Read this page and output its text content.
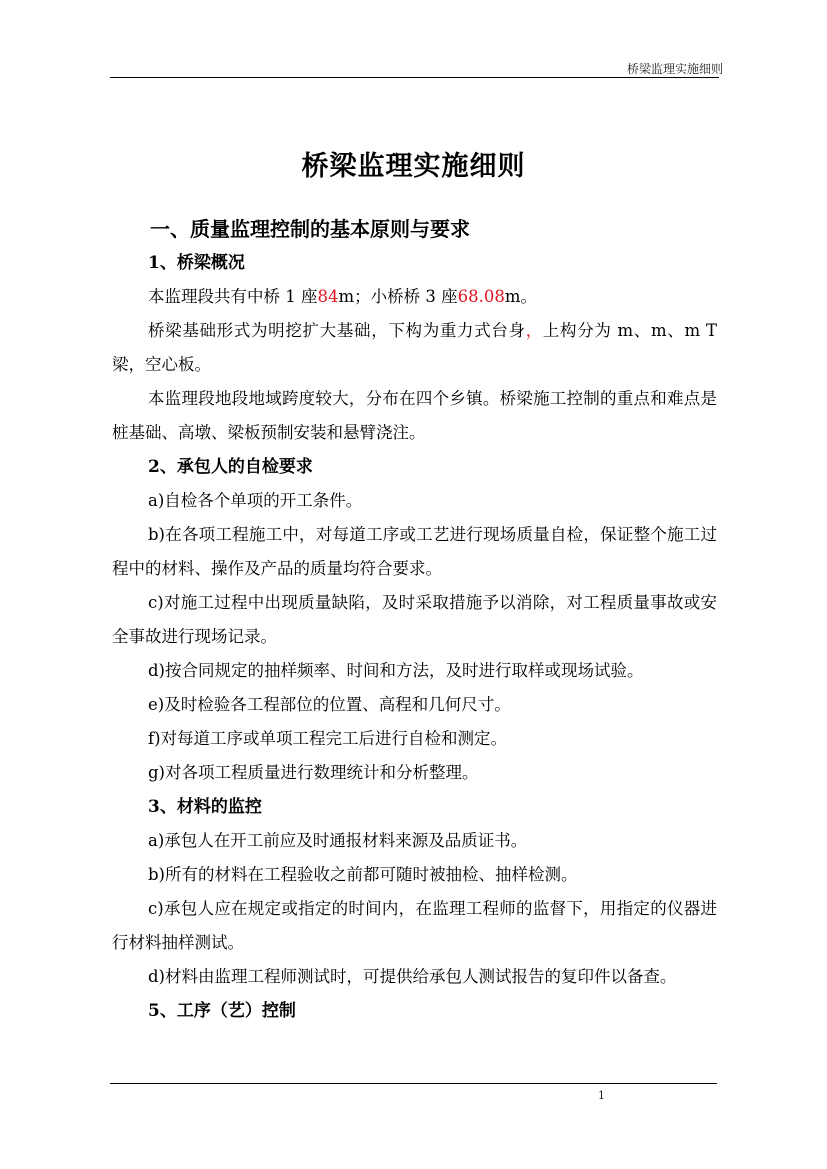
桥梁监理实施细则
桥梁监理实施细则
一、质量监理控制的基本原则与要求
1、桥梁概况

本监理段共有中桥 1 座84m；小桥桥 3 座68.08m。

桥梁基础形式为明挖扩大基础，下构为重力式台身，上构分为 m、m、m T 梁，空心板。

本监理段地段地域跨度较大，分布在四个乡镇。桥梁施工控制的重点和难点是桩基础、高墩、梁板预制安装和悬臂浇注。

2、承包人的自检要求

a)自检各个单项的开工条件。

b)在各项工程施工中，对每道工序或工艺进行现场质量自检，保证整个施工过程中的材料、操作及产品的质量均符合要求。

c)对施工过程中出现质量缺陷，及时采取措施予以消除，对工程质量事故或安全事故进行现场记录。

d)按合同规定的抽样频率、时间和方法，及时进行取样或现场试验。

e)及时检验各工程部位的位置、高程和几何尺寸。

f)对每道工序或单项工程完工后进行自检和测定。

g)对各项工程质量进行数理统计和分析整理。

3、材料的监控

a)承包人在开工前应及时通报材料来源及品质证书。

b)所有的材料在工程验收之前都可随时被抽检、抽样检测。

c)承包人应在规定或指定的时间内，在监理工程师的监督下，用指定的仪器进行材料抽样测试。

d)材料由监理工程师测试时，可提供给承包人测试报告的复印件以备查。

5、工序（艺）控制
1
